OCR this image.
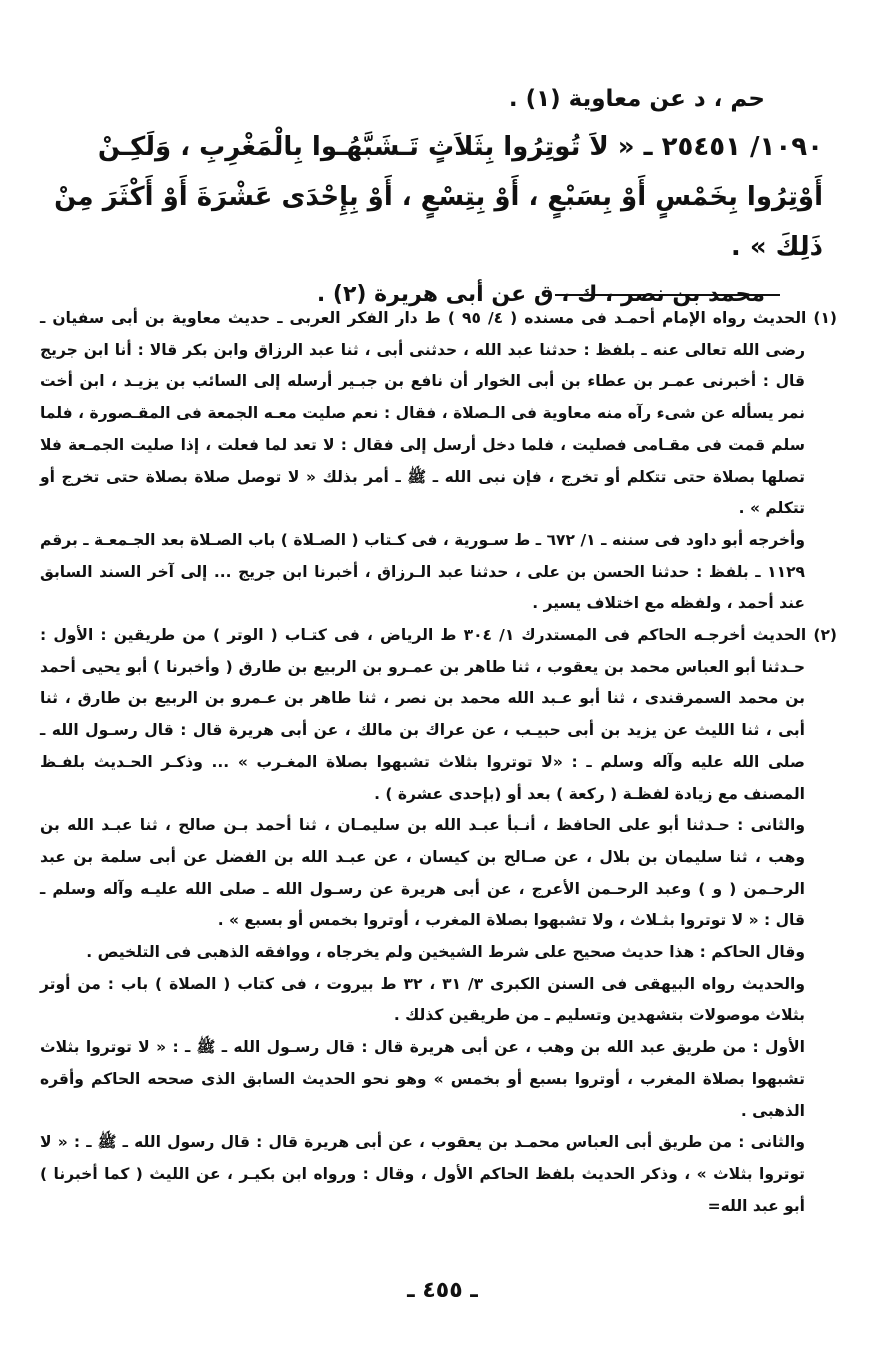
حم ، د عن معاوية (١) .

١٠٩٠/ ٢٥٤٥١ ـ « لاَ تُوتِرُوا بِثَلاَثٍ تَـشَبَّهُـوا بِالْمَغْرِبِ ، وَلَكِـنْ أَوْتِرُوا بِخَمْسٍ أَوْ بِسَبْعٍ ، أَوْ بِتِسْعٍ ، أَوْ بِإِحْدَى عَشْرَةَ أَوْ أَكْثَرَ مِنْ ذَلِكَ » .

محمد بن نصر ، ك ، ق عن أبى هريرة (٢) .

(١) الحديث رواه الإمام أحمـد فى مسنده ( ٤/ ٩٥ ) ط دار الفكر العربى ـ حديث معاوية بن أبى سفيان ـ رضى الله تعالى عنه ـ بلفظ : حدثنا عبد الله ، حدثنى أبى ، ثنا عبد الرزاق وابن بكر قالا : أنا ابن جريج قال : أخبرنى عمـر بن عطاء بن أبى الخوار أن نافع بن جبـير أرسله إلى السائب بن يزيـد ، ابن أخت نمر يسأله عن شىء رآه منه معاوية فى الـصلاة ، فقال : نعم صليت معـه الجمعة فى المقـصورة ، فلما سلم قمت فى مقـامى فصليت ، فلما دخل أرسل إلى فقال : لا تعد لما فعلت ، إذا صليت الجمـعة فلا تصلها بصلاة حتى تتكلم أو تخرج ، فإن نبى الله ـ ﷺ ـ أمر بذلك « لا توصل صلاة بصلاة حتى تخرج أو تتكلم » .

وأخرجه أبو داود فى سننه ـ ١/ ٦٧٢ ـ ط سـورية ، فى كـتاب ( الصـلاة ) باب الصـلاة بعد الجـمعـة ـ برقم ١١٢٩ ـ بلفظ : حدثنا الحسن بن على ، حدثنا عبد الـرزاق ، أخبرنا ابن جريج ... إلى آخر السند السابق عند أحمد ، ولفظه مع اختلاف يسير .

(٢) الحديث أخرجـه الحاكم فى المستدرك ١/ ٣٠٤ ط الرياض ، فى كتـاب ( الوتر ) من طريقين : الأول : حـدثنا أبو العباس محمد بن يعقوب ، ثنا طاهر بن عمـرو بن الربيع بن طارق ( وأخبرنا ) أبو يحيى أحمد بن محمد السمرقندى ، ثنا أبو عـبد الله محمد بن نصر ، ثنا طاهر بن عـمرو بن الربيع بن طارق ، ثنا أبى ، ثنا الليث عن يزيد بن أبى حبيـب ، عن عراك بن مالك ، عن أبى هريرة قال : قال رسـول الله ـ صلى الله عليه وآله وسلم ـ : «لا توتروا بثلاث تشبهوا بصلاة المغـرب » ... وذكـر الحـديث بلفـظ المصنف مع زيادة لفظـة ( ركعة ) بعد أو (بإحدى عشرة ) .

والثانى : حـدثنا أبو على الحافظ ، أنـبأ عبـد الله بن سليمـان ، ثنا أحمد بـن صالح ، ثنا عبـد الله بن وهب ، ثنا سليمان بن بلال ، عن صـالح بن كيسان ، عن عبـد الله بن الفضل عن أبى سلمة بن عبد الرحـمن ( و ) وعبد الرحـمن الأعرج ، عن أبى هريرة عن رسـول الله ـ صلى الله عليـه وآله وسلم ـ قال : « لا توتروا بثـلاث ، ولا تشبهوا بصلاة المغرب ، أوتروا بخمس أو بسبع » .

وقال الحاكم : هذا حديث صحيح على شرط الشيخين ولم يخرجاه ، ووافقه الذهبى فى التلخيص .

والحديث رواه البيهقى فى السنن الكبرى ٣/ ٣١ ، ٣٢ ط بيروت ، فى كتاب ( الصلاة ) باب : من أوتر بثلاث موصولات بتشهدين وتسليم ـ من طريقين كذلك .

الأول : من طريق عبد الله بن وهب ، عن أبى هريرة قال : قال رسـول الله ـ ﷺ ـ : « لا توتروا بثلاث تشبهوا بصلاة المغرب ، أوتروا بسبع أو بخمس » وهو نحو الحديث السابق الذى صححه الحاكم وأقره الذهبى .

والثانى : من طريق أبى العباس محمـد بن يعقوب ، عن أبى هريرة قال : قال رسول الله ـ ﷺ ـ : « لا توتروا بثلاث » ، وذكر الحديث بلفظ الحاكم الأول ، وقال : ورواه ابن بكيـر ، عن الليث ( كما أخبرنا ) أبو عبد الله=

ـ ٤٥٥ ـ
